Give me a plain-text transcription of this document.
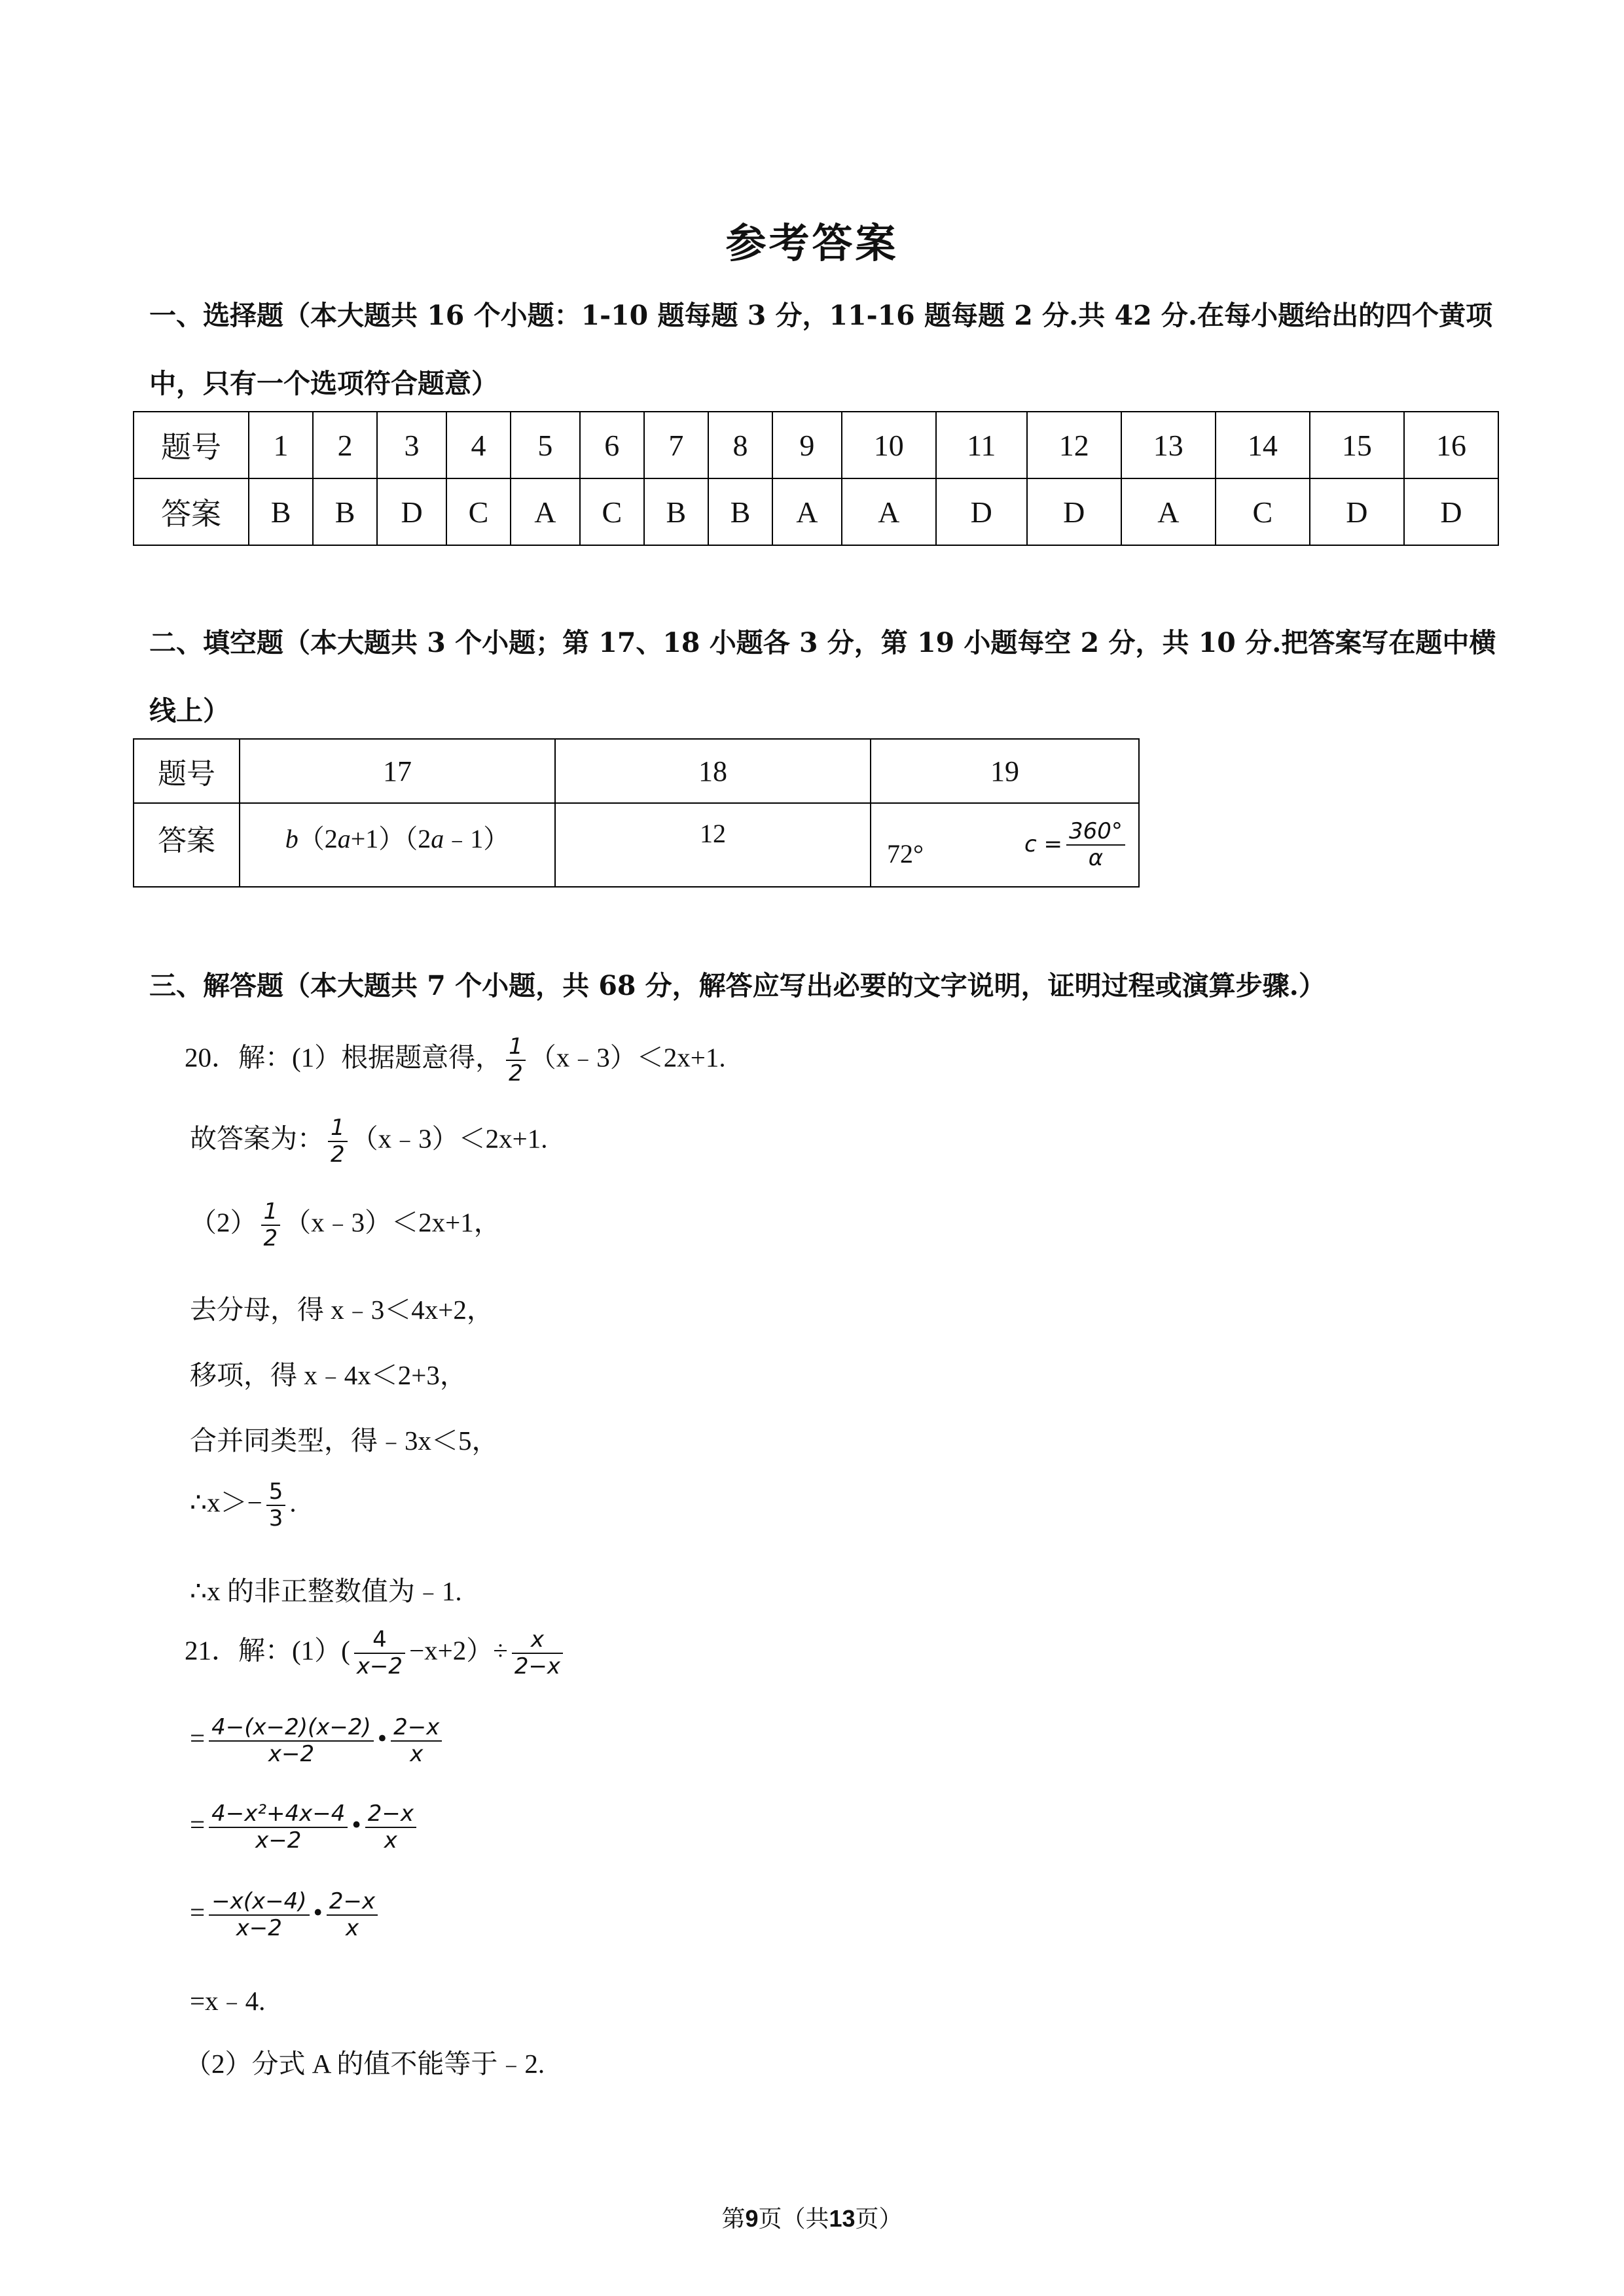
参考答案
一、选择题（本大题共 16 个小题：1-10 题每题 3 分，11-16 题每题 2 分.共 42 分.在每小题给出的四个黄项
中，只有一个选项符合题意）
题号	1	2	3	4	5	6	7	8	9	10	11	12	13	14	15	16
答案	B	B	D	C	A	C	B	B	A	A	D	D	A	C	D	D
二、填空题（本大题共 3 个小题；第 17、18 小题各 3 分，第 19 小题每空 2 分，共 10 分.把答案写在题中横
线上）
题号	17	18	19
答案	b（2a+1）（2a﹣1）	12	72° $c = \frac{360^\circ}{\alpha}$
三、解答题（本大题共 7 个小题，共 68 分，解答应写出必要的文字说明，证明过程或演算步骤.）
20．解：(1）根据题意得， $\frac{1}{2}$ （x﹣3）＜2x+1.
故答案为： $\frac{1}{2}$ （x﹣3）＜2x+1.
$(2) \frac{1}{2}$ （x﹣3）＜2x+1，
去分母，得 x﹣3＜4x+2，
移项，得 x﹣4x＜2+3，
合并同类型，得﹣3x＜5，
∴x＞− $\frac{5}{3}$ .
∴x 的非正整数值为﹣1.
21．解：$(1)( \frac{4}{x-2} -x+2)\div \frac{x}{2-x}$
= $\frac{4-(x-2)(x-2)}{x-2}$ • $\frac{2-x}{x}$
= $\frac{\text{4−x²+4x−4}}{x-2}$ • $\frac{2-x}{x}$
= $\frac{-x(x-4)}{x-2}$ • $\frac{2-x}{x}$
=x﹣4.
（2）分式 A 的值不能等于﹣2.
第9页（共13页）
